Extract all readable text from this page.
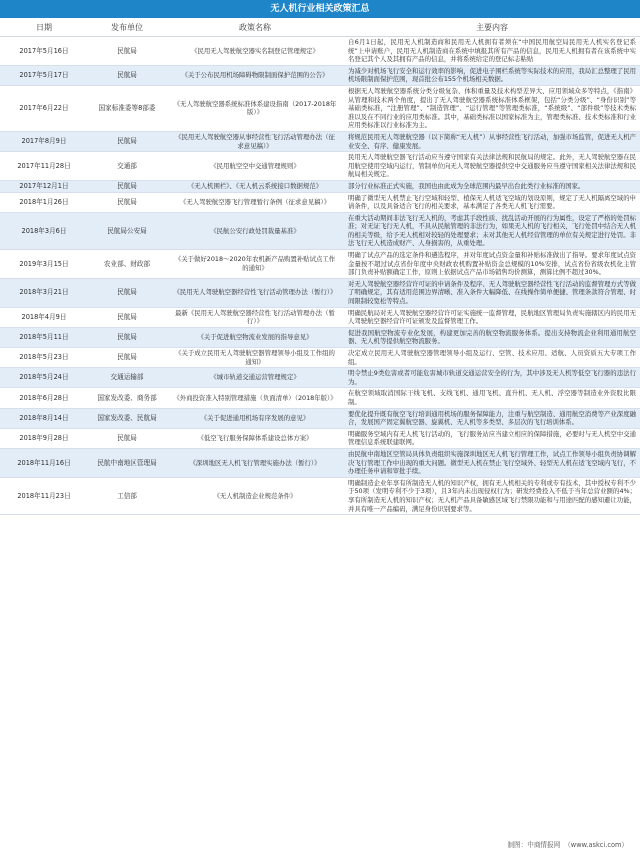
无人机行业相关政策汇总
日期	发布单位	政策名称	主要内容
2017年5月16日	民航局	《民用无人驾驶航空器实名制登记管理规定》	自6月1日起，民用无人机制造商和民用无人机拥有者须在“中国民用航空局民用无人机实名登记系统”上申请账户，民用无人机制造商在系统中填报其所有产品的信息，民用无人机拥有者在该系统中实名登记其个人及其拥有产品的信息，并将系统给定的登记标志粘贴
2017年5月17日	民航局	《关于公布民用机场障碍物限制面保护范围的公告》	为减少对机场飞行安全和运行效率的影响，促进电子围栏系统等实际技术的应用，我局汇总整理了民用机场限制面保护范围，现首批公布155个机场相关数据。
2017年6月22日	国家标准委等8部委	《无人驾驶航空器系统标准体系建设指南（2017-2018年版）》	根据无人驾驶航空器系统分类分级复杂、体积重量及技术构型差异大、应用领域众多等特点，《指南》从管理和技术两个角度，提出了无人驾驶航空器系统标准体系框架，包括“分类分级”、“身份识别”等基础类标准，“注册管理”、“制造管理”、“运行管理”等管理类标准，“系统级”、“部件级”等技术类标准以及在不同行业的应用类标准。其中，基础类标准以国家标准为主，管理类标准、技术类标准和行业应用类标准以行业标准为主。
2017年8月9日	民航局	《民用无人驾驶航空器从事经营性飞行活动管理办法（征求意见稿）》	将规范民用无人驾驶航空器（以下简称“无人机”）从事经营性飞行活动，加强市场监管，促进无人机产业安全、有序、健康发展。
2017年11月28日	交通部	《民用航空空中交通管理规则》	民用无人驾驶航空器飞行活动应当遵守国家有关法律法规和民航局的规定。此外，无人驾驶航空器在民用航空使用空域内运行，管制单位向无人驾驶航空器提供空中交通服务应当遵守国家相关法律法规和民航局相关规定。
2017年12月1日	民航局	《无人机围栏》、《无人机云系统接口数据规范》	部分行业标准正式实施，我国也由此成为全球范围内最早出台此类行业标准的国家。
2018年1月26日	民航局	《无人驾驶航空器飞行管理暂行条例（征求意见稿）》	明确了微型无人机禁止飞行空域和轻型、植保无人机适飞空域的划设原则，规定了无人机隔离空域的申请条件，以及具备适合飞行的相关要求，基本满足了各类无人机飞行需要。
2018年3月6日	民航局公安局	《民航公安行政处罚裁量基准》	在重大活动期间非法飞行无人机的，考虑其手段性质、扰乱活动开展的行为属性，设定了严格的处罚标准；对无证飞行无人机，不具从民航管理的非法行为，如果无人机的飞行相关，飞行处罚中结合无人机的相关等级，给予无人机相对较轻的处理要求；未对其他无人机经营管理的单位有关规定进行处罚。非法飞行无人机造成财产、人身损害的，从重处理。
2019年3月15日	农业部、财政部	《关于做好2018～2020年农机新产品购置补贴试点工作的通知》	明确了试点产品的选定条件和遴选程序，并对年度试点资金量和补贴标准做出了指导。要求年度试点资金量按不超过试点省份年度中央财政农机购置补贴资金总规模的10%安排，试点省份省级农机化主管部门负责补贴额确定工作，原则上依据试点产品市场销售均价测算，测算比例不超过30%。
2018年3月21日	民航局	《民用无人驾驶航空器经营性飞行活动管理办法（暂行）》	对无人驾驶航空器经营许可证的申请条件及程序、无人驾驶航空器经营性飞行活动的监督管理方式等做了明确规定，其有适用范围边界清晰、准入条件大幅降低、在线操作简单便捷、管理条款符合管理、时间限制较宽松等特点。
2018年4月9日	民航局	最新《民用无人驾驶航空器经营性飞行活动管理办法（暂行）》	明确民航局对无人驾驶航空器经营许可证实施统一监督管理，民航地区管理局负责实施辖区内的民用无人驾驶航空器经营许可证颁发及监督管理工作。
2018年5月11日	民航局	《关于促进航空物流业发展的指导意见》	促进我国航空物流专业化发展，构建更加完善的航空物流服务体系。提出支持物流企业利用通用航空器、无人机等提供航空物流服务。
2018年5月23日	民航局	《关于成立民用无人驾驶航空器管理领导小组及工作组的通知》	决定成立民用无人驾驶航空器管理领导小组及运行、空管、技术应用、适航、人员资质五大专项工作组。
2018年5月24日	交通运输部	《城市轨道交通运营管理规定》	明令禁止9类危害或者可能危害城市轨道交通运营安全的行为，其中涉及无人机等低空飞行器的违法行为。
2018年6月28日	国家发改委、商务部	《外商投资准入特别管理措施（负面清单）（2018年版）》	在航空领域取消国际干线飞机、支线飞机、通用飞机、直升机、无人机、浮空器等制造业外资股比限制。
2018年8月14日	国家发改委、民航局	《关于促进通用机场有序发展的意见》	要优化提升既有航空飞行培训通用机场的服务保障能力，注重与航空制造、通用航空消费等产业深度融合，发展国产固定翼航空器、旋翼机、无人机等多类型、多层次的飞行培训体系。
2018年9月28日	民航局	《低空飞行服务保障体系建设总体方案》	明确服务空域内有无人机飞行活动的，飞行服务站应当建立相应的保障措施，必要时与无人机空中交通管理信息系统联建联网。
2018年11月16日	民航中南地区管理局	《深圳地区无人机飞行管理实施办法（暂行）》	由民航中南地区空管局具体负责组织实施深圳地区无人机飞行管理工作，试点工作领导小组负责协调解决飞行管理工作中出现的重大问题。微型无人机在禁止飞行空域外、轻型无人机在适飞空域内飞行，不办理任务申请和审批手续。
2018年11月23日	工信部	《无人机制造企业规范条件》	明确制造企业年享有所制造无人机的知识产权，拥有无人机相关的专利或专有技术，其中授权专利不少于50项（发明专利不少于3项），且3年内未出现侵权行为；研发经费投入不低于当年总营业额的4%；享有所制造无人机的知识产权；无人机产品具备敏感区域飞行禁限功能和与用途匹配的感知避让功能，并具有唯一产品编码，满足身份识别要求等。
制图：中商情报网 （www.askci.com）
